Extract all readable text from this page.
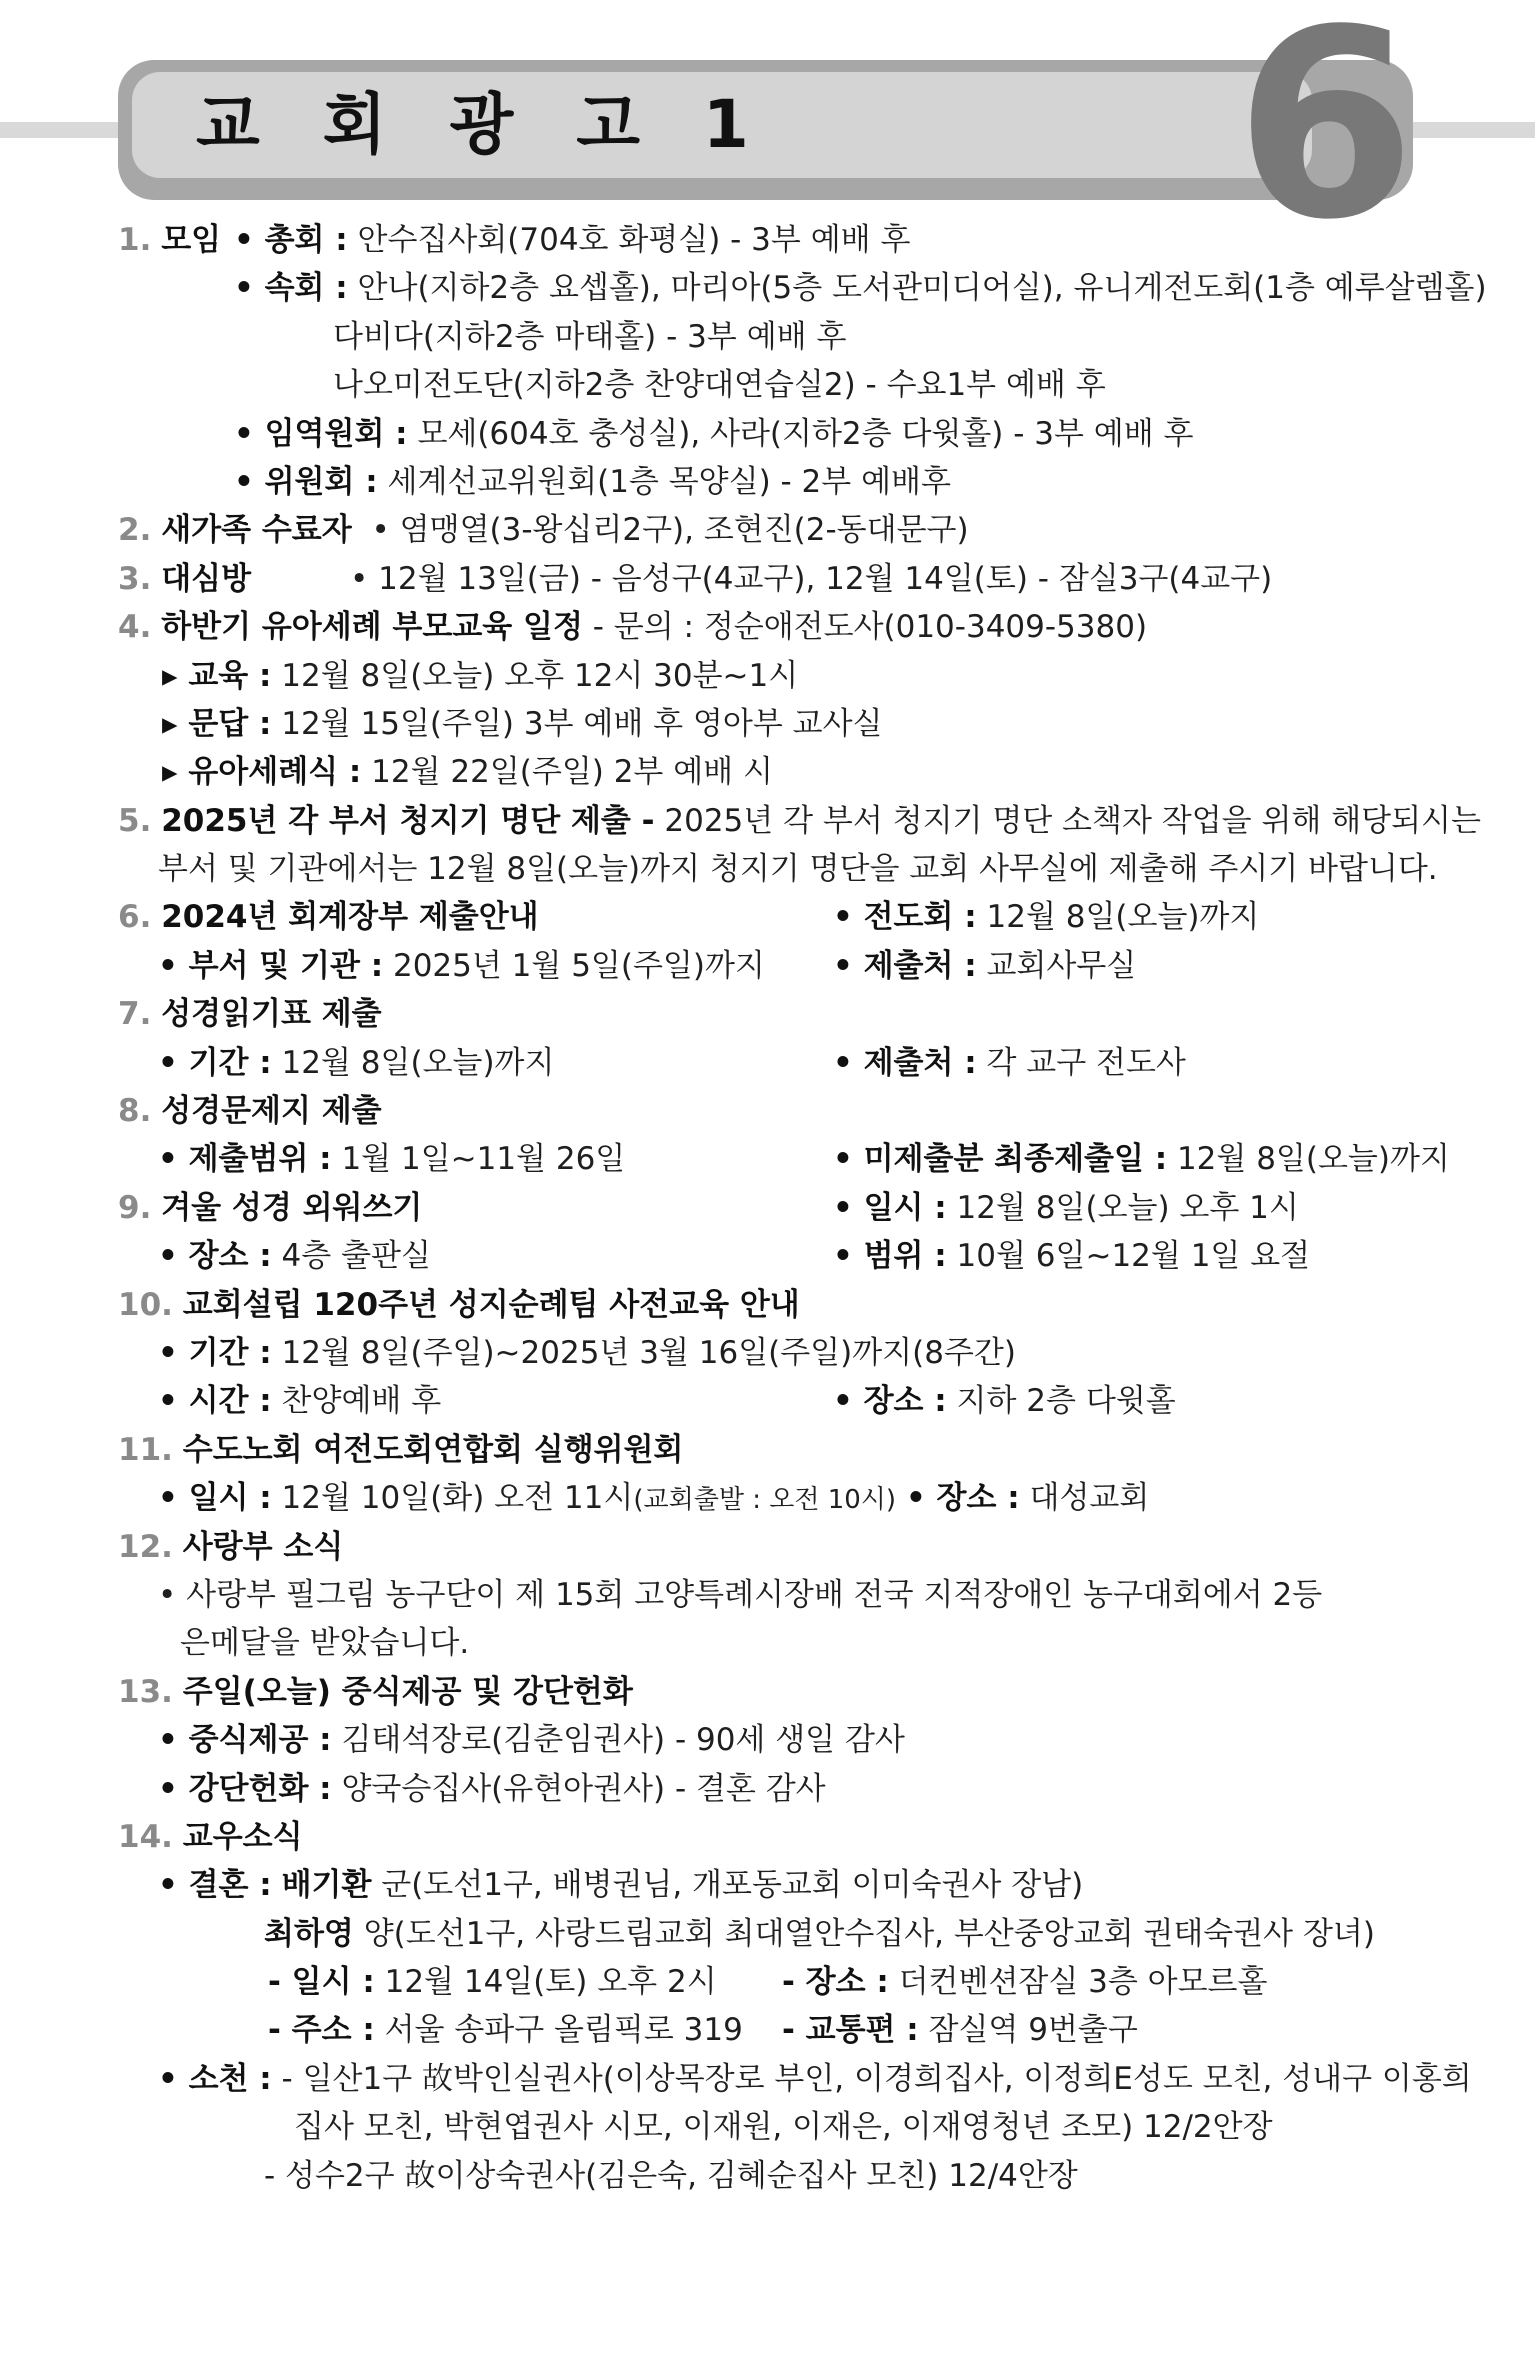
교 회 광 고 1 6
1. 모임 • 총회 : 안수집사회(704호 화평실) - 3부 예배 후
• 속회 : 안나(지하2층 요셉홀), 마리아(5층 도서관미디어실), 유니게전도회(1층 예루살렘홀)
다비다(지하2층 마태홀) - 3부 예배 후
나오미전도단(지하2층 찬양대연습실2) - 수요1부 예배 후
• 임역원회 : 모세(604호 충성실), 사라(지하2층 다윗홀) - 3부 예배 후
• 위원회 : 세계선교위원회(1층 목양실) - 2부 예배후
2. 새가족 수료자 • 염맹열(3-왕십리2구), 조현진(2-동대문구)
3. 대심방	• 12월 13일(금) - 음성구(4교구), 12월 14일(토) - 잠실3구(4교구)
4. 하반기 유아세례 부모교육 일정 - 문의 : 정순애전도사(010-3409-5380)
▸ 교육 : 12월 8일(오늘) 오후 12시 30분~1시
▸ 문답 : 12월 15일(주일) 3부 예배 후 영아부 교사실
▸ 유아세례식 : 12월 22일(주일) 2부 예배 시
5. 2025년 각 부서 청지기 명단 제출 - 2025년 각 부서 청지기 명단 소책자 작업을 위해 해당되시는
부서 및 기관에서는 12월 8일(오늘)까지 청지기 명단을 교회 사무실에 제출해 주시기 바랍니다.
6. 2024년 회계장부 제출안내	• 전도회 : 12월 8일(오늘)까지
• 부서 및 기관 : 2025년 1월 5일(주일)까지 • 제출처 : 교회사무실
7. 성경읽기표 제출
• 기간 : 12월 8일(오늘)까지	• 제출처 : 각 교구 전도사
8. 성경문제지 제출
• 제출범위 : 1월 1일~11월 26일	• 미제출분 최종제출일 : 12월 8일(오늘)까지
9. 겨울 성경 외워쓰기	• 일시 : 12월 8일(오늘) 오후 1시
• 장소 : 4층 출판실	• 범위 : 10월 6일~12월 1일 요절
10. 교회설립 120주년 성지순례팀 사전교육 안내
• 기간 : 12월 8일(주일)~2025년 3월 16일(주일)까지(8주간)
• 시간 : 찬양예배 후	• 장소 : 지하 2층 다윗홀
11. 수도노회 여전도회연합회 실행위원회
• 일시 : 12월 10일(화) 오전 11시(교회출발 : 오전 10시) • 장소 : 대성교회
12. 사랑부 소식
• 사랑부 필그림 농구단이 제 15회 고양특례시장배 전국 지적장애인 농구대회에서 2등
은메달을 받았습니다.
13. 주일(오늘) 중식제공 및 강단헌화
• 중식제공 : 김태석장로(김춘임권사) - 90세 생일 감사
• 강단헌화 : 양국승집사(유현아권사) - 결혼 감사
14. 교우소식
• 결혼 : 배기환 군(도선1구, 배병권님, 개포동교회 이미숙권사 장남)
최하영 양(도선1구, 사랑드림교회 최대열안수집사, 부산중앙교회 권태숙권사 장녀)
- 일시 : 12월 14일(토) 오후 2시 - 장소 : 더컨벤션잠실 3층 아모르홀
- 주소 : 서울 송파구 올림픽로 319 - 교통편 : 잠실역 9번출구
• 소천 : - 일산1구 故박인실권사(이상목장로 부인, 이경희집사, 이정희E성도 모친, 성내구 이홍희
집사 모친, 박현엽권사 시모, 이재원, 이재은, 이재영청년 조모) 12/2안장
- 성수2구 故이상숙권사(김은숙, 김혜순집사 모친) 12/4안장
